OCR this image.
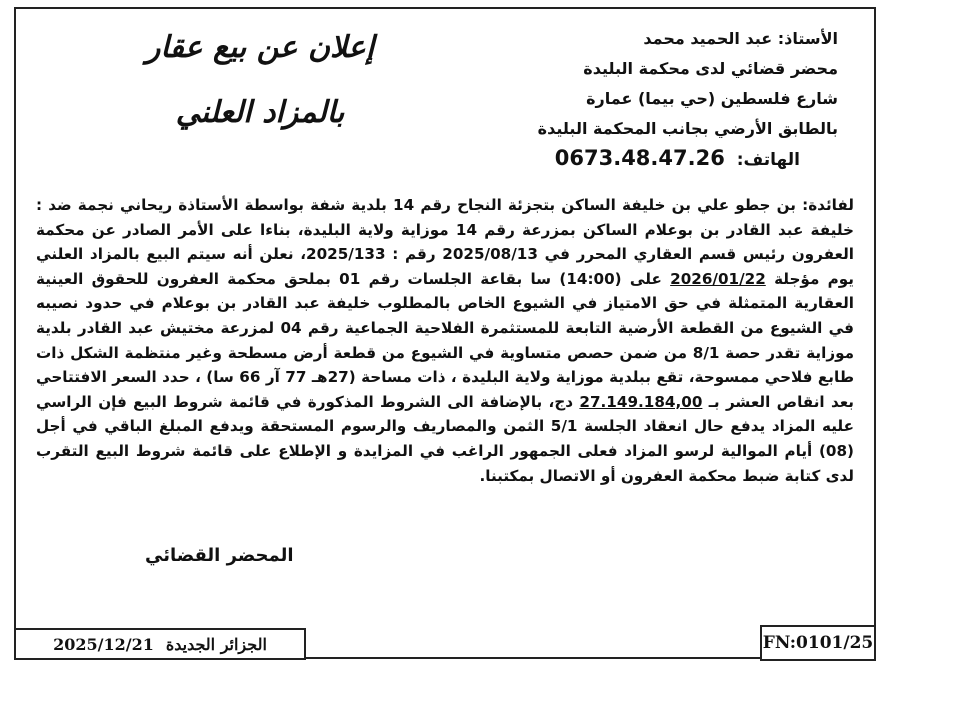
الأستاذ: عبد الحميد محمد
محضر قضائي لدى محكمة البليدة
شارع فلسطين (حي بيما) عمارة
بالطابق الأرضي بجانب المحكمة البليدة
الهاتف: 0673.48.47.26
إعلان عن بيع عقار
بالمزاد العلني
لفائدة: بن جطو علي بن خليفة الساكن بتجزئة النجاح رقم 14 بلدية شفة بواسطة الأستاذة ريحاني نجمة ضد : خليفة عبد القادر بن بوعلام الساكن بمزرعة رقم 14 موزاية ولاية البليدة، بناءا على الأمر الصادر عن محكمة العفرون رئيس قسم العقاري المحرر في 2025/08/13 رقم : 2025/133، نعلن أنه سيتم البيع بالمزاد العلني يوم مؤجلة 2026/01/22 على (14:00) سا بقاعة الجلسات رقم 01 بملحق محكمة العفرون للحقوق العينية العقارية المتمثلة في حق الامتياز في الشيوع الخاص بالمطلوب خليفة عبد القادر بن بوعلام في حدود نصيبه في الشيوع من القطعة الأرضية التابعة للمستثمرة الفلاحية الجماعية رقم 04 لمزرعة مختيش عبد القادر بلدية موزاية تقدر حصة 8/1 من ضمن حصص متساوية في الشيوع من قطعة أرض مسطحة وغير منتظمة الشكل ذات طابع فلاحي ممسوحة، تقع ببلدية موزاية ولاية البليدة ، ذات مساحة (27هـ 77 آر 66 سا) ، حدد السعر الافتتاحي بعد انقاص العشر بـ 27.149.184,00 دج، بالإضافة الى الشروط المذكورة في قائمة شروط البيع فإن الراسي عليه المزاد يدفع حال انعقاد الجلسة 5/1 الثمن والمصاريف والرسوم المستحقة ويدفع المبلغ الباقي في أجل (08) أيام الموالية لرسو المزاد فعلى الجمهور الراغب في المزايدة و الإطلاع على قائمة شروط البيع التقرب لدى كتابة ضبط محكمة العفرون أو الاتصال بمكتبنا.
المحضر القضائي
2025/12/21 الجزائر الجديدة	FN:0101/25
